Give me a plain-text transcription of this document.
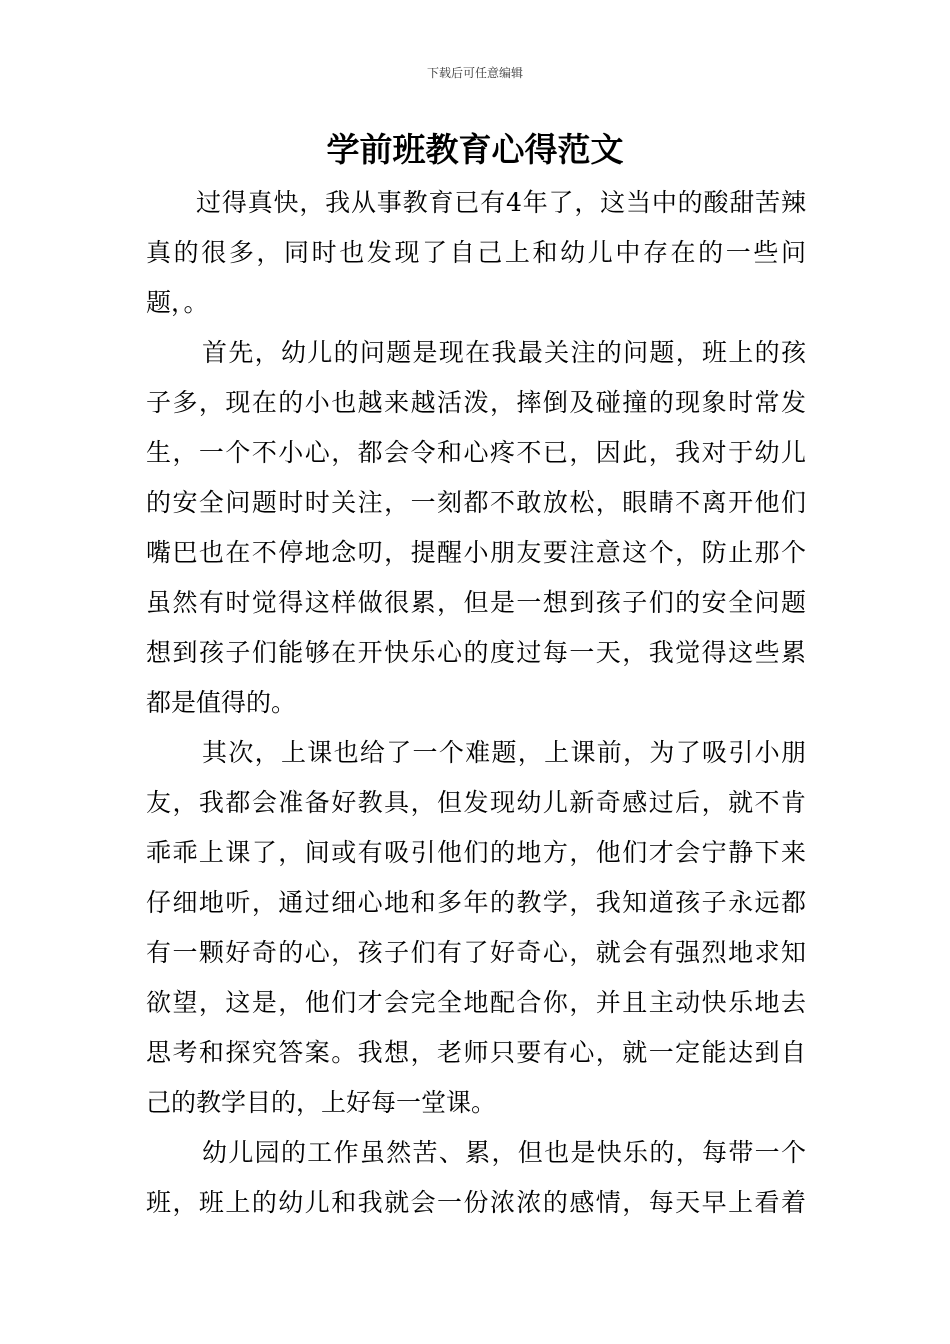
下载后可任意编辑
学前班教育心得范文
过得真快，我从事教育已有4年了，这当中的酸甜苦辣
真的很多，同时也发现了自己上和幼儿中存在的一些问
题，。
首先，幼儿的问题是现在我最关注的问题，班上的孩
子多，现在的小也越来越活泼，摔倒及碰撞的现象时常发
生，一个不小心，都会令和心疼不已，因此，我对于幼儿
的安全问题时时关注，一刻都不敢放松，眼睛不离开他们
嘴巴也在不停地念叨，提醒小朋友要注意这个，防止那个
虽然有时觉得这样做很累，但是一想到孩子们的安全问题
想到孩子们能够在开快乐心的度过每一天，我觉得这些累
都是值得的。
其次，上课也给了一个难题，上课前，为了吸引小朋
友，我都会准备好教具，但发现幼儿新奇感过后，就不肯
乖乖上课了，间或有吸引他们的地方，他们才会宁静下来
仔细地听，通过细心地和多年的教学，我知道孩子永远都
有一颗好奇的心，孩子们有了好奇心，就会有强烈地求知
欲望，这是，他们才会完全地配合你，并且主动快乐地去
思考和探究答案。我想，老师只要有心，就一定能达到自
己的教学目的，上好每一堂课。
幼儿园的工作虽然苦、累，但也是快乐的，每带一个
班，班上的幼儿和我就会一份浓浓的感情，每天早上看着
